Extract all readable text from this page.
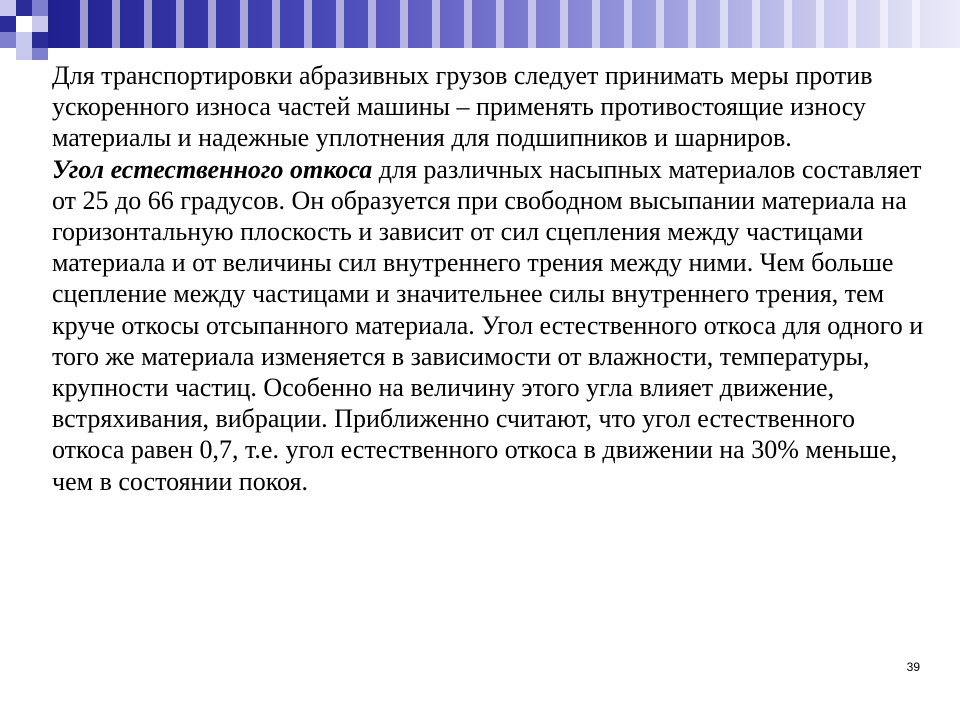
Для транспортировки абразивных грузов следует принимать меры против ускоренного износа частей машины – применять противостоящие износу материалы и надежные уплотнения для подшипников и шарниров.

Угол естественного откоса для различных насыпных материалов составляет от 25 до 66 градусов. Он образуется при свободном высыпании материала на горизонтальную плоскость и зависит от сил сцепления между частицами материала и от величины сил внутреннего трения между ними. Чем больше сцепление между частицами и значительнее силы внутреннего трения, тем круче откосы отсыпанного материала. Угол естественного откоса для одного и того же материала изменяется в зависимости от влажности, температуры, крупности частиц. Особенно на величину этого угла влияет движение, встряхивания, вибрации. Приближенно считают, что угол естественного откоса равен 0,7, т.е. угол естественного откоса в движении на 30% меньше, чем в состоянии покоя.

39
